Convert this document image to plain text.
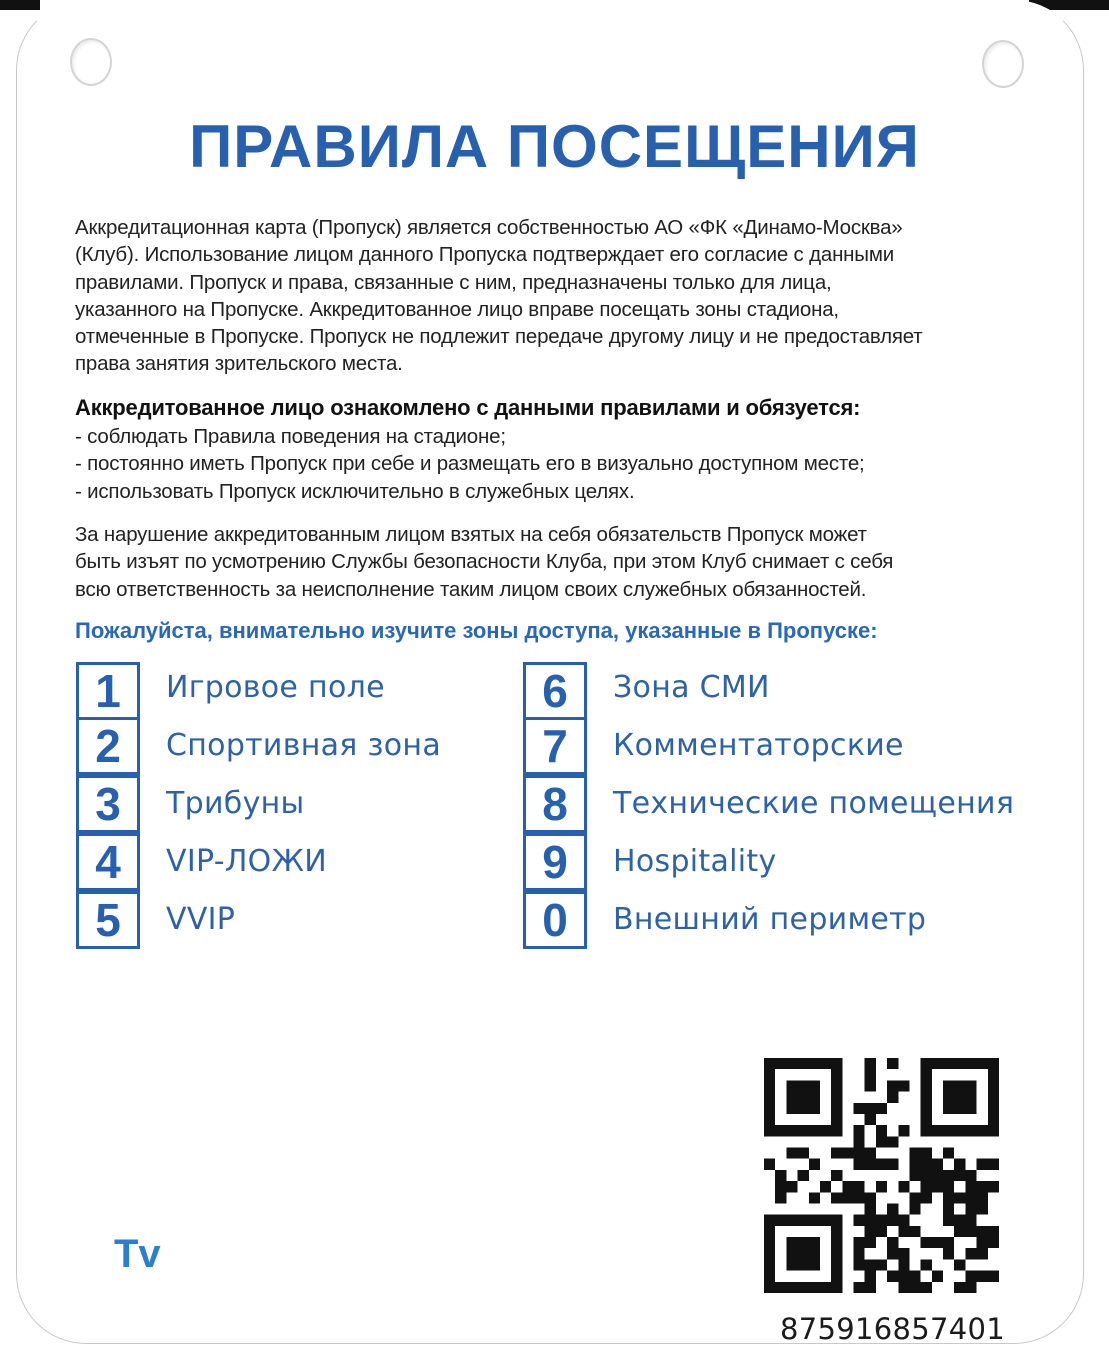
ПРАВИЛА ПОСЕЩЕНИЯ
Аккредитационная карта (Пропуск) является собственностью АО «ФК «Динамо-Москва»
(Клуб). Использование лицом данного Пропуска подтверждает его согласие с данными
правилами. Пропуск и права, связанные с ним, предназначены только для лица,
указанного на Пропуске. Аккредитованное лицо вправе посещать зоны стадиона,
отмеченные в Пропуске. Пропуск не подлежит передаче другому лицу и не предоставляет
права занятия зрительского места.
Аккредитованное лицо ознакомлено с данными правилами и обязуется:
- соблюдать Правила поведения на стадионе;
- постоянно иметь Пропуск при себе и размещать его в визуально доступном месте;
- использовать Пропуск исключительно в служебных целях.
За нарушение аккредитованным лицом взятых на себя обязательств Пропуск может
быть изъят по усмотрению Службы безопасности Клуба, при этом Клуб снимает с себя
всю ответственность за неисполнение таким лицом своих служебных обязанностей.
Пожалуйста, внимательно изучите зоны доступа, указанные в Пропуске:
1	Игровое поле
2	Спортивная зона
3	Трибуны
4	VIP-ЛОЖИ
5	VVIP
6	Зона СМИ
7	Комментаторские
8	Технические помещения
9	Hospitality
0	Внешний периметр
Tv
875916857401
